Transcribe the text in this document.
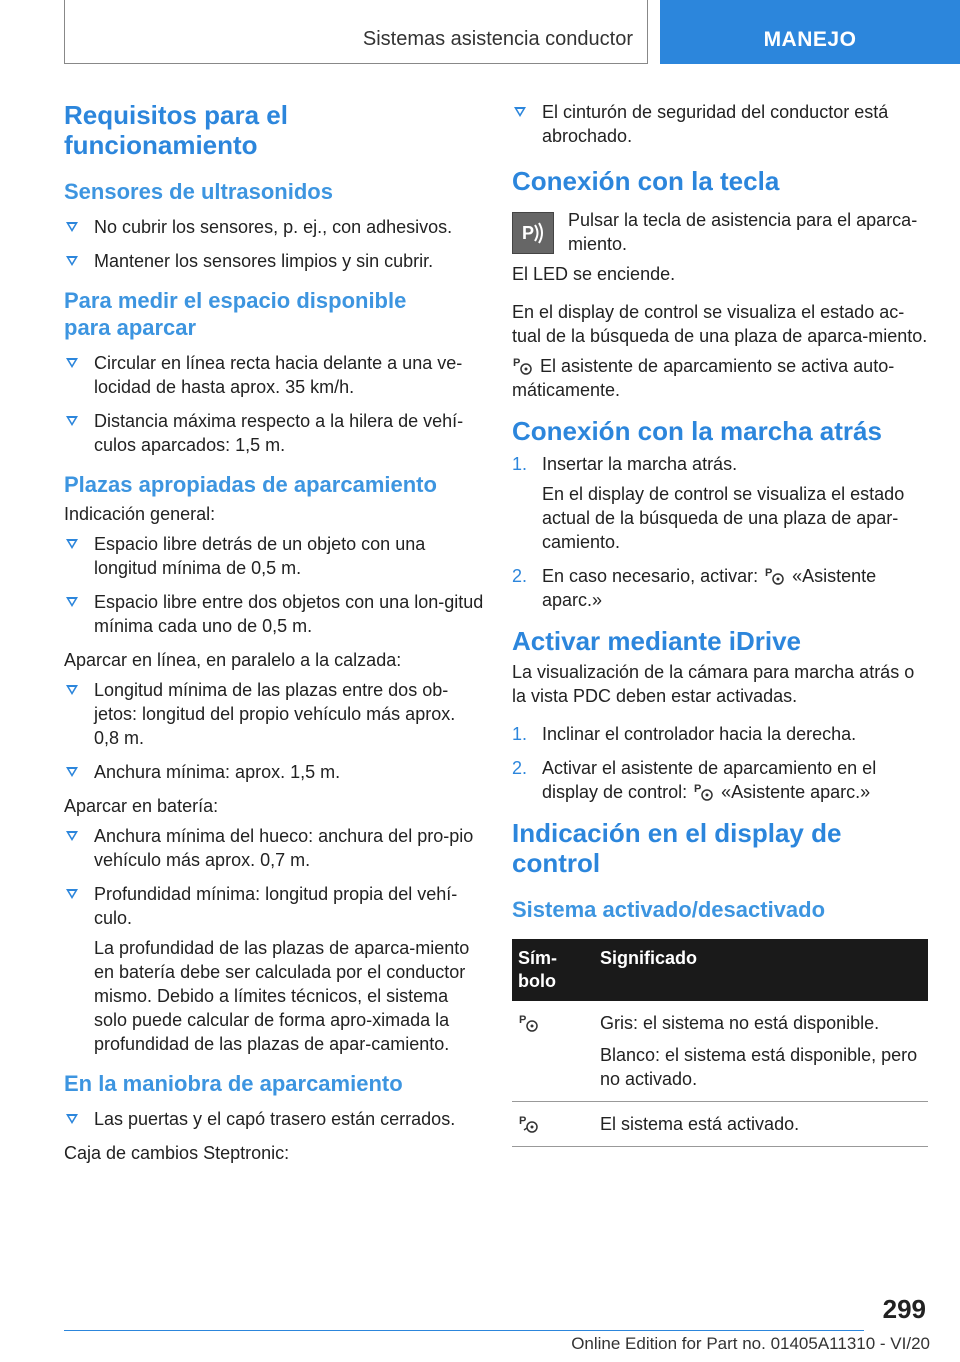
Sistemas asistencia conductor	MANEJO
Requisitos para el funcionamiento
Sensores de ultrasonidos
No cubrir los sensores, p. ej., con adhesivos.
Mantener los sensores limpios y sin cubrir.
Para medir el espacio disponible para aparcar
Circular en línea recta hacia delante a una ve-locidad de hasta aprox. 35 km/h.
Distancia máxima respecto a la hilera de vehí-culos aparcados: 1,5 m.
Plazas apropiadas de aparcamiento

Indicación general:

Espacio libre detrás de un objeto con una longitud mínima de 0,5 m.
Espacio libre entre dos objetos con una lon-gitud mínima cada uno de 0,5 m.

Aparcar en línea, en paralelo a la calzada:

Longitud mínima de las plazas entre dos ob-jetos: longitud del propio vehículo más aprox. 0,8 m.
Anchura mínima: aprox. 1,5 m.

Aparcar en batería:

Anchura mínima del hueco: anchura del pro-pio vehículo más aprox. 0,7 m.
Profundidad mínima: longitud propia del vehí-culo.
La profundidad de las plazas de aparca-miento en batería debe ser calculada por el conductor mismo. Debido a límites técnicos, el sistema solo puede calcular de forma apro-ximada la profundidad de las plazas de apar-camiento.
En la maniobra de aparcamiento
Las puertas y el capó trasero están cerrados.

Caja de cambios Steptronic:

El cinturón de seguridad del conductor está abrochado.
Conexión con la tecla
P

Pulsar la tecla de asistencia para el aparca-miento.

El LED se enciende.

En el display de control se visualiza el estado ac-tual de la búsqueda de una plaza de aparca-miento.

P El asistente de aparcamiento se activa auto-máticamente.

Conexión con la marcha atrás
1. Insertar la marcha atrás.
En el display de control se visualiza el estado actual de la búsqueda de una plaza de apar-camiento.
2. En caso necesario, activar: P «Asistente aparc.»
Activar mediante iDrive

La visualización de la cámara para marcha atrás o la vista PDC deben estar activadas.

1. Inclinar el controlador hacia la derecha.
2. Activar el asistente de aparcamiento en el display de control: P «Asistente aparc.»
Indicación en el display de control
Sistema activado/desactivado
Sím-bolo	Significado

P	Gris: el sistema no está disponible.

Blanco: el sistema está disponible, pero no activado.

P	El sistema está activado.
299
Online Edition for Part no. 01405A11310 - VI/20
